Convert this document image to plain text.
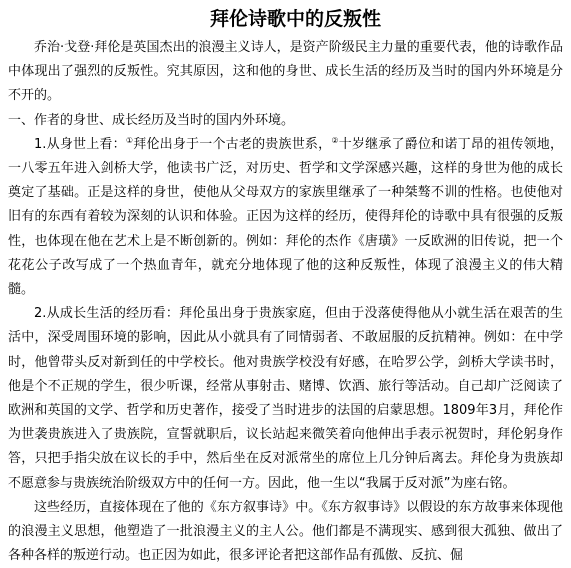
拜伦诗歌中的反叛性

乔治·戈登·拜伦是英国杰出的浪漫主义诗人，是资产阶级民主力量的重要代表，他的诗歌作品中体现出了强烈的反叛性。究其原因，这和他的身世、成长生活的经历及当时的国内外环境是分不开的。

一、作者的身世、成长经历及当时的国内外环境。

1.从身世上看：①拜伦出身于一个古老的贵族世系，②十岁继承了爵位和诺丁昂的祖传领地，一八零五年进入剑桥大学，他读书广泛，对历史、哲学和文学深感兴趣，这样的身世为他的成长奠定了基础。正是这样的身世，使他从父母双方的家族里继承了一种桀骜不训的性格。也使他对旧有的东西有着较为深刻的认识和体验。正因为这样的经历，使得拜伦的诗歌中具有很强的反叛性，也体现在他在艺术上是不断创新的。例如：拜伦的杰作《唐璜》一反欧洲的旧传说，把一个花花公子改写成了一个热血青年，就充分地体现了他的这种反叛性，体现了浪漫主义的伟大精髓。

2.从成长生活的经历看：拜伦虽出身于贵族家庭，但由于没落使得他从小就生活在艰苦的生活中，深受周围环境的影响，因此从小就具有了同情弱者、不敢屈服的反抗精神。例如：在中学时，他曾带头反对新到任的中学校长。他对贵族学校没有好感，在哈罗公学，剑桥大学读书时，他是个不正规的学生，很少听课，经常从事射击、赌博、饮酒、旅行等活动。自己却广泛阅读了欧洲和英国的文学、哲学和历史著作，接受了当时进步的法国的启蒙思想。1809年3月，拜伦作为世袭贵族进入了贵族院，宣誓就职后，议长站起来微笑着向他伸出手表示祝贺时，拜伦躬身作答，只把手指尖放在议长的手中，然后坐在反对派常坐的席位上几分钟后离去。拜伦身为贵族却不愿意参与贵族统治阶级双方中的任何一方。因此，他一生以“我属于反对派”为座右铭。

这些经历，直接体现在了他的《东方叙事诗》中。《东方叙事诗》以假设的东方故事来体现他的浪漫主义思想，他塑造了一批浪漫主义的主人公。他们都是不满现实、感到很大孤独、做出了各种各样的叛逆行动。也正因为如此，很多评论者把这部作品有孤傲、反抗、倔
